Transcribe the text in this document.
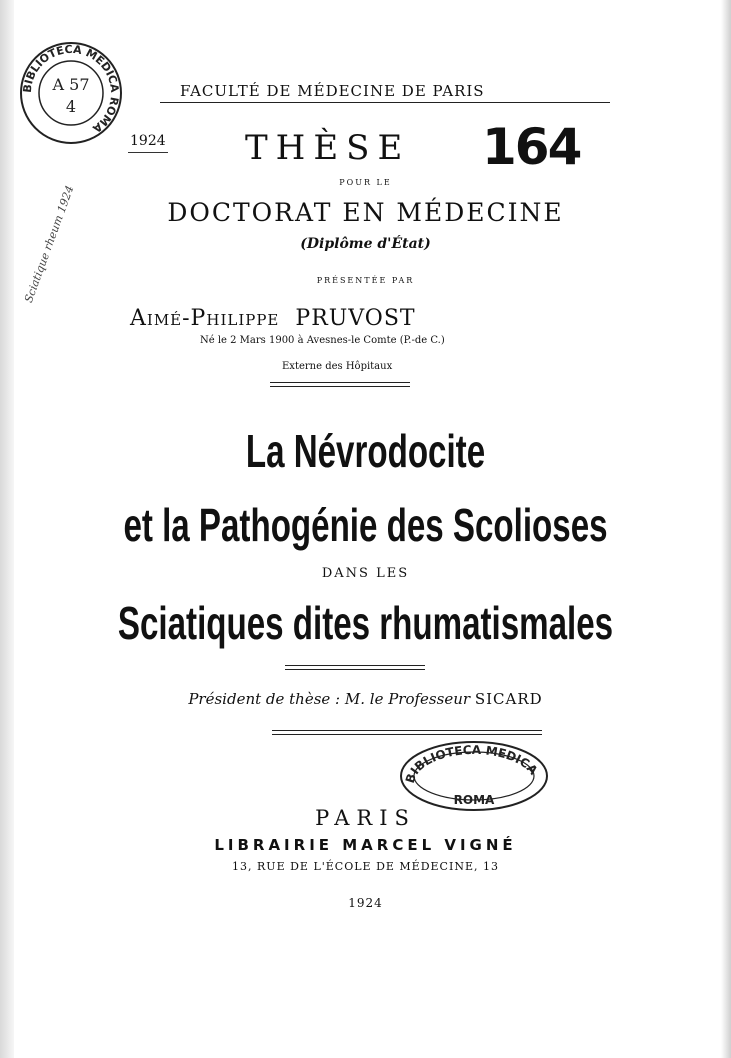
BIBLIOTECA MEDICA ROMA
A 57
4
Sciatique rheum 1924
FACULTÉ DE MÉDECINE DE PARIS
1924 THÈSE 164
POUR LE
DOCTORAT EN MÉDECINE
(Diplôme d'État)
PRÉSENTÉE PAR
Aimé-Philippe PRUVOST
Né le 2 Mars 1900 à Avesnes-le Comte (P.-de C.)
Externe des Hôpitaux
La Névrodocite
et la Pathogénie des Scolioses
DANS LES
Sciatiques dites rhumatismales
Président de thèse : M. le Professeur SICARD
BIBLIOTECA MEDICA
ROMA
PARIS
LIBRAIRIE MARCEL VIGNÉ
13, RUE DE L'ÉCOLE DE MÉDECINE, 13
1924
